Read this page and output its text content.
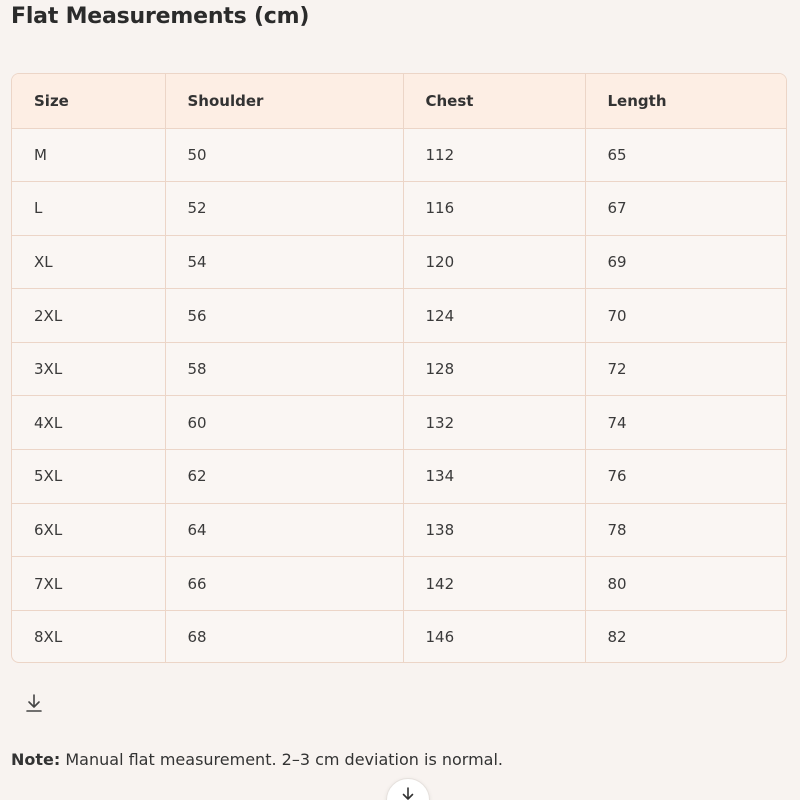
Flat Measurements (cm)
Size	Shoulder	Chest	Length
M	50	112	65
L	52	116	67
XL	54	120	69
2XL	56	124	70
3XL	58	128	72
4XL	60	132	74
5XL	62	134	76
6XL	64	138	78
7XL	66	142	80
8XL	68	146	82

Note: Manual flat measurement. 2–3 cm deviation is normal.
